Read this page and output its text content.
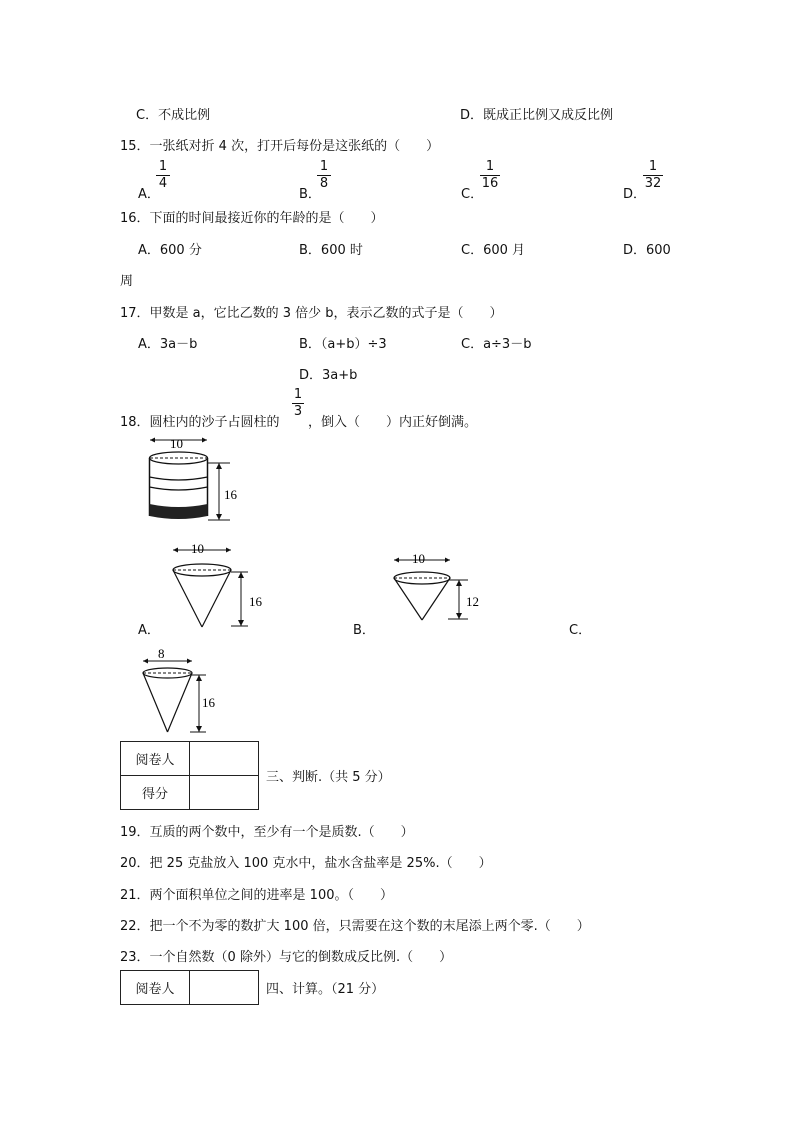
C．不成比例	D．既成正比例又成反比例
15．一张纸对折 4 次，打开后每份是这张纸的（　　）
A．
1
4
B．
1
8
C．
1
16
D．
1
32
16．下面的时间最接近你的年龄的是（　　）
A．600 分	B．600 时	C．600 月	D．600
周
17．甲数是 a，它比乙数的 3 倍少 b，表示乙数的式子是（　　）
A．3a－b	B．（a+b）÷3	C．a÷3－b
D．3a+b
18．圆柱内的沙子占圆柱的
1
3
，倒入（　　）内正好倒满。
10
16
10
16
10
12
A．	B．	C．
8
16
阅卷人	
得分	
三、判断.（共 5 分）
19．互质的两个数中，至少有一个是质数.（　　）
20．把 25 克盐放入 100 克水中，盐水含盐率是 25%.（　　）
21．两个面积单位之间的进率是 100。（　　）
22．把一个不为零的数扩大 100 倍，只需要在这个数的末尾添上两个零.（　　）
23．一个自然数（0 除外）与它的倒数成反比例.（　　）
阅卷人		四、计算。（21 分）
